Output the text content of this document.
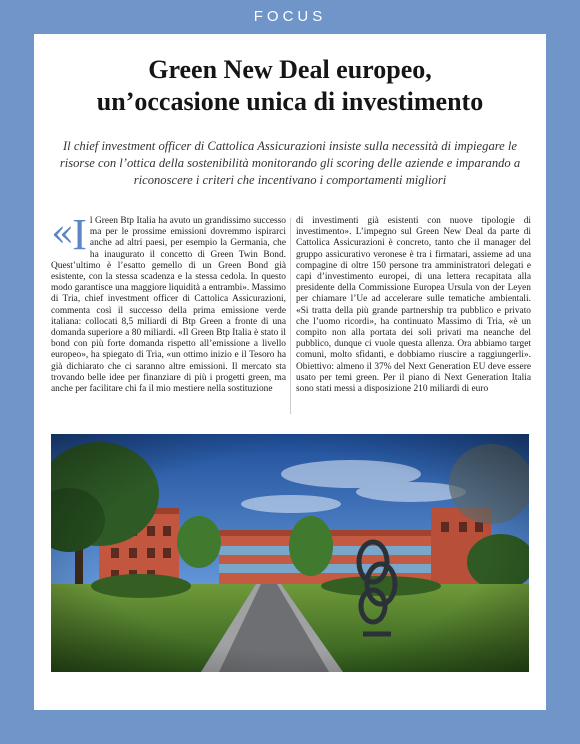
FOCUS
Green New Deal europeo,
un’occasione unica di investimento

Il chief investment officer di Cattolica Assicurazioni insiste sulla necessità di impiegare le risorse con l’ottica della sostenibilità monitorando gli scoring delle aziende e imparando a riconoscere i criteri che incentivano i comportamenti migliori

«I l Green Btp Italia ha avuto un grandissimo successo ma per le prossime emissioni dovremmo ispirarci anche ad altri paesi, per esempio la Germania, che ha inaugurato il concetto di Green Twin Bond. Quest’ultimo è l’esatto gemello di un Green Bond già esistente, con la stessa scadenza e la stessa cedola. In questo modo garantisce una maggiore liquidità a entrambi». Massimo di Tria, chief investment officer di Cattolica Assicurazioni, commenta così il successo della prima emissione verde italiana: collocati 8,5 miliardi di Btp Green a fronte di una domanda superiore a 80 miliardi. «Il Green Btp Italia è stato il bond con più forte domanda rispetto all’emissione a livello europeo», ha spiegato di Tria, «un ottimo inizio e il Tesoro ha già dichiarato che ci saranno altre emissioni. Il mercato sta trovando belle idee per finanziare di più i progetti green, ma anche per facilitare chi fa il mio mestiere nella sostituzione

di investimenti già esistenti con nuove tipologie di investimento». L’impegno sul Green New Deal da parte di Cattolica Assicurazioni è concreto, tanto che il manager del gruppo assicurativo veronese è tra i firmatari, assieme ad una compagine di oltre 150 persone tra amministratori delegati e capi d’investimento europei, di una lettera recapitata alla presidente della Commissione Europea Ursula von der Leyen per chiamare l’Ue ad accelerare sulle tematiche ambientali. «Si tratta della più grande partnership tra pubblico e privato che l’uomo ricordi», ha continuato Massimo di Tria, «è un compito non alla portata dei soli privati ma neanche del pubblico, dunque ci vuole questa allenza. Ora abbiamo target comuni, molto sfidanti, e dobbiamo riuscire a raggiungerli». Obiettivo: almeno il 37% del Next Generation EU deve essere usato per temi green. Per il piano di Next Generation Italia sono stati messi a disposizione 210 miliardi di euro
